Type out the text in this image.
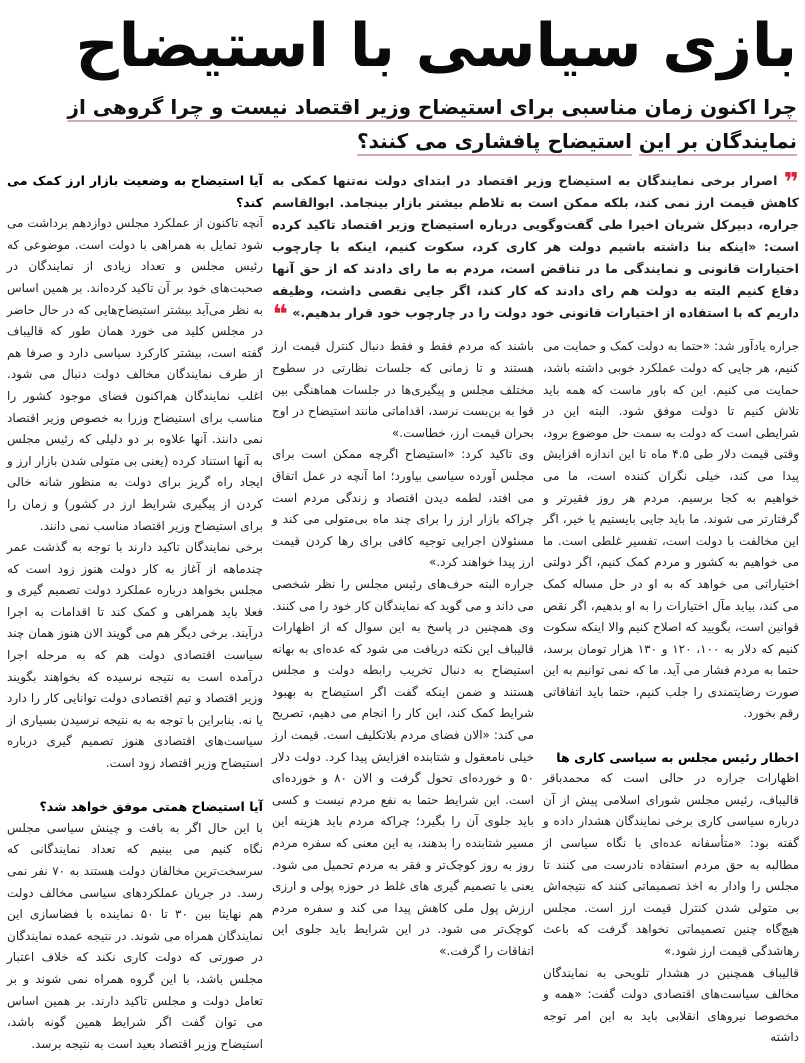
بازی سیاسی با استیضاح
چرا اکنون زمان مناسبی برای استیضاح وزیر اقتصاد نیست و چرا گروهی از نمایندگان بر این استیضاح پافشاری می کنند؟
❞ اصرار برخی نمایندگان به استیضاح وزیر اقتصاد در ابتدای دولت نه‌تنها کمکی به کاهش قیمت ارز نمی کند، بلکه ممکن است به تلاطم بیشتر بازار بینجامد. ابوالقاسم جراره، دبیرکل شریان اخیرا طی گفت‌وگویی درباره استیضاح وزیر اقتصاد تاکید کرده است: «اینکه بنا داشته باشیم دولت هر کاری کرد، سکوت کنیم، اینکه با چارچوب اختیارات قانونی و نمایندگی ما در تناقض است، مردم به ما رای دادند که از حق آنها دفاع کنیم البته به دولت هم رای دادند که کار کند، اگر جایی نقصی داشت، وظیفه داریم که با استفاده از اختیارات قانونی خود دولت را در چارچوب خود قرار بدهیم.» ❝

جراره یادآور شد: «حتما به دولت کمک و حمایت می کنیم، هر جایی که دولت عملکرد خوبی داشته باشد، حمایت می کنیم. این که باور ماست که همه باید تلاش کنیم تا دولت موفق شود. البته این در شرایطی است که دولت به سمت حل موضوع برود، وقتی قیمت دلار طی ۴.۵ ماه تا این اندازه افزایش پیدا می کند، خیلی نگران کننده است، ما می خواهیم به کجا برسیم. مردم هر روز فقیرتر و گرفتارتر می شوند. ما باید جایی بایستیم یا خیر، اگر این مخالفت با دولت است، تفسیر غلطی است. ما می خواهیم به کشور و مردم کمک کنیم، اگر دولتی اختیاراتی می خواهد که به او در حل مساله کمک می کند، بیاید مآل اختیارات را به او بدهیم، اگر نقص قوانین است، بگویید که اصلاح کنیم والا اینکه سکوت کنیم که دلار به ۱۰۰، ۱۲۰ و ۱۳۰ هزار تومان برسد، حتما به مردم فشار می آید. ما که نمی توانیم به این صورت رضایتمندی را جلب کنیم، حتما باید اتفاقاتی رقم بخورد.

اخطار رئیس مجلس به سیاسی کاری ها

اظهارات جراره در حالی است که محمدباقر قالیباف، رئیس مجلس شورای اسلامی پیش از آن درباره سیاسی کاری برخی نمایندگان هشدار داده و گفته بود: «متأسفانه عده‌ای با نگاه سیاسی از مطالبه به حق مردم استفاده نادرست می کنند تا مجلس را وادار به اخذ تصمیماتی کنند که نتیجه‌اش بی متولی شدن کنترل قیمت ارز است. مجلس هیچ‌گاه چنین تصمیماتی نخواهد گرفت که باعث رهاشدگی قیمت ارز شود.»

قالیباف همچنین در هشدار تلویحی به نمایندگان مخالف سیاست‌های اقتصادی دولت گفت: «همه و مخصوصا نیروهای انقلابی باید به این امر توجه داشته

باشند که مردم فقط و فقط دنبال کنترل قیمت ارز هستند و تا زمانی که جلسات نظارتی در سطوح مختلف مجلس و پیگیری‌ها در جلسات هماهنگی بین قوا به بن‌بست نرسد، اقداماتی مانند استیضاح در اوج بحران قیمت ارز، خطاست.»

وی تاکید کرد: «استیضاح اگرچه ممکن است برای مجلس آورده سیاسی بیاورد؛ اما آنچه در عمل اتفاق می افتد، لطمه دیدن اقتصاد و زندگی مردم است چراکه بازار ارز را برای چند ماه بی‌متولی می کند و مسئولان اجرایی توجیه کافی برای رها کردن قیمت ارز پیدا خواهند کرد.»

جراره البته حرف‌های رئیس مجلس را نظر شخصی می داند و می گوید که نمایندگان کار خود را می کنند. وی همچنین در پاسخ به این سوال که از اظهارات قالیباف این نکته دریافت می شود که عده‌ای به بهانه استیضاح به دنبال تخریب رابطه دولت و مجلس هستند و ضمن اینکه گفت اگر استیضاح به بهبود شرایط کمک کند، این کار را انجام می دهیم، تصریح می کند: «الان فضای مردم بلاتکلیف است. قیمت ارز خیلی نامعقول و شتابنده افزایش پیدا کرد. دولت دلار ۵۰ و خورده‌ای تحول گرفت و الان ۸۰ و خورده‌ای است. این شرایط حتما به نفع مردم نیست و کسی باید جلوی آن را بگیرد؛ چراکه مردم باید هزینه این مسیر شتابنده را بدهند، به این معنی که سفره مردم روز به روز کوچک‌تر و فقر به مردم تحمیل می شود. یعنی با تصمیم گیری های غلط در حوزه پولی و ارزی ارزش پول ملی کاهش پیدا می کند و سفره مردم کوچک‌تر می شود. در این شرایط باید جلوی این اتفاقات را گرفت.»

آیا استیضاح به وضعیت بازار ارز کمک می کند؟

آنچه تاکنون از عملکرد مجلس دوازدهم برداشت می شود تمایل به همراهی با دولت است. موضوعی که رئیس مجلس و تعداد زیادی از نمایندگان در صحبت‌های خود بر آن تاکید کرده‌اند. بر همین اساس به نظر می‌آید بیشتر استیضاح‌هایی که در حال حاضر در مجلس کلید می خورد همان طور که قالیباف گفته است، بیشتر کارکرد سیاسی دارد و صرفا هم از طرف نمایندگان مخالف دولت دنبال می شود. اغلب نمایندگان هم‌اکنون فضای موجود کشور را مناسب برای استیضاح وزرا به خصوص وزیر اقتصاد نمی دانند. آنها علاوه بر دو دلیلی که رئیس مجلس به آنها استناد کرده (یعنی بی متولی شدن بازار ارز و ایجاد راه گریز برای دولت به منظور شانه خالی کردن از پیگیری شرایط ارز در کشور) و زمان را برای استیضاح وزیر اقتصاد مناسب نمی دانند.

برخی نمایندگان تاکید دارند با توجه به گذشت عمر چندماهه از آغاز به کار دولت هنوز زود است که مجلس بخواهد درباره عملکرد دولت تصمیم گیری و فعلا باید همراهی و کمک کند تا اقدامات به اجرا درآیند. برخی دیگر هم می گویند الان هنوز همان چند سیاست اقتصادی دولت هم که به مرحله اجرا درآمده است به نتیجه نرسیده که بخواهند بگویند وزیر اقتصاد و تیم اقتصادی دولت توانایی کار را دارد یا نه. بنابراین با توجه به به نتیجه نرسیدن بسیاری از سیاست‌های اقتصادی هنوز تصمیم گیری درباره استیضاح وزیر اقتصاد زود است.

آیا استیضاح همتی موفق خواهد شد؟

با این حال اگر به بافت و چینش سیاسی مجلس نگاه کنیم می بینیم که تعداد نمایندگانی که سرسخت‌ترین مخالفان دولت هستند به ۷۰ نفر نمی رسد. در جریان عملکردهای سیاسی مخالف دولت هم نهایتا بین ۳۰ تا ۵۰ نماینده با فضاسازی این نمایندگان همراه می شوند. در نتیجه عمده نمایندگان در صورتی که دولت کاری نکند که خلاف اعتبار مجلس باشد، با این گروه همراه نمی شوند و بر تعامل دولت و مجلس تاکید دارند. بر همین اساس می توان گفت اگر شرایط همین گونه باشد، استیضاح وزیر اقتصاد بعید است به نتیجه برسد.
